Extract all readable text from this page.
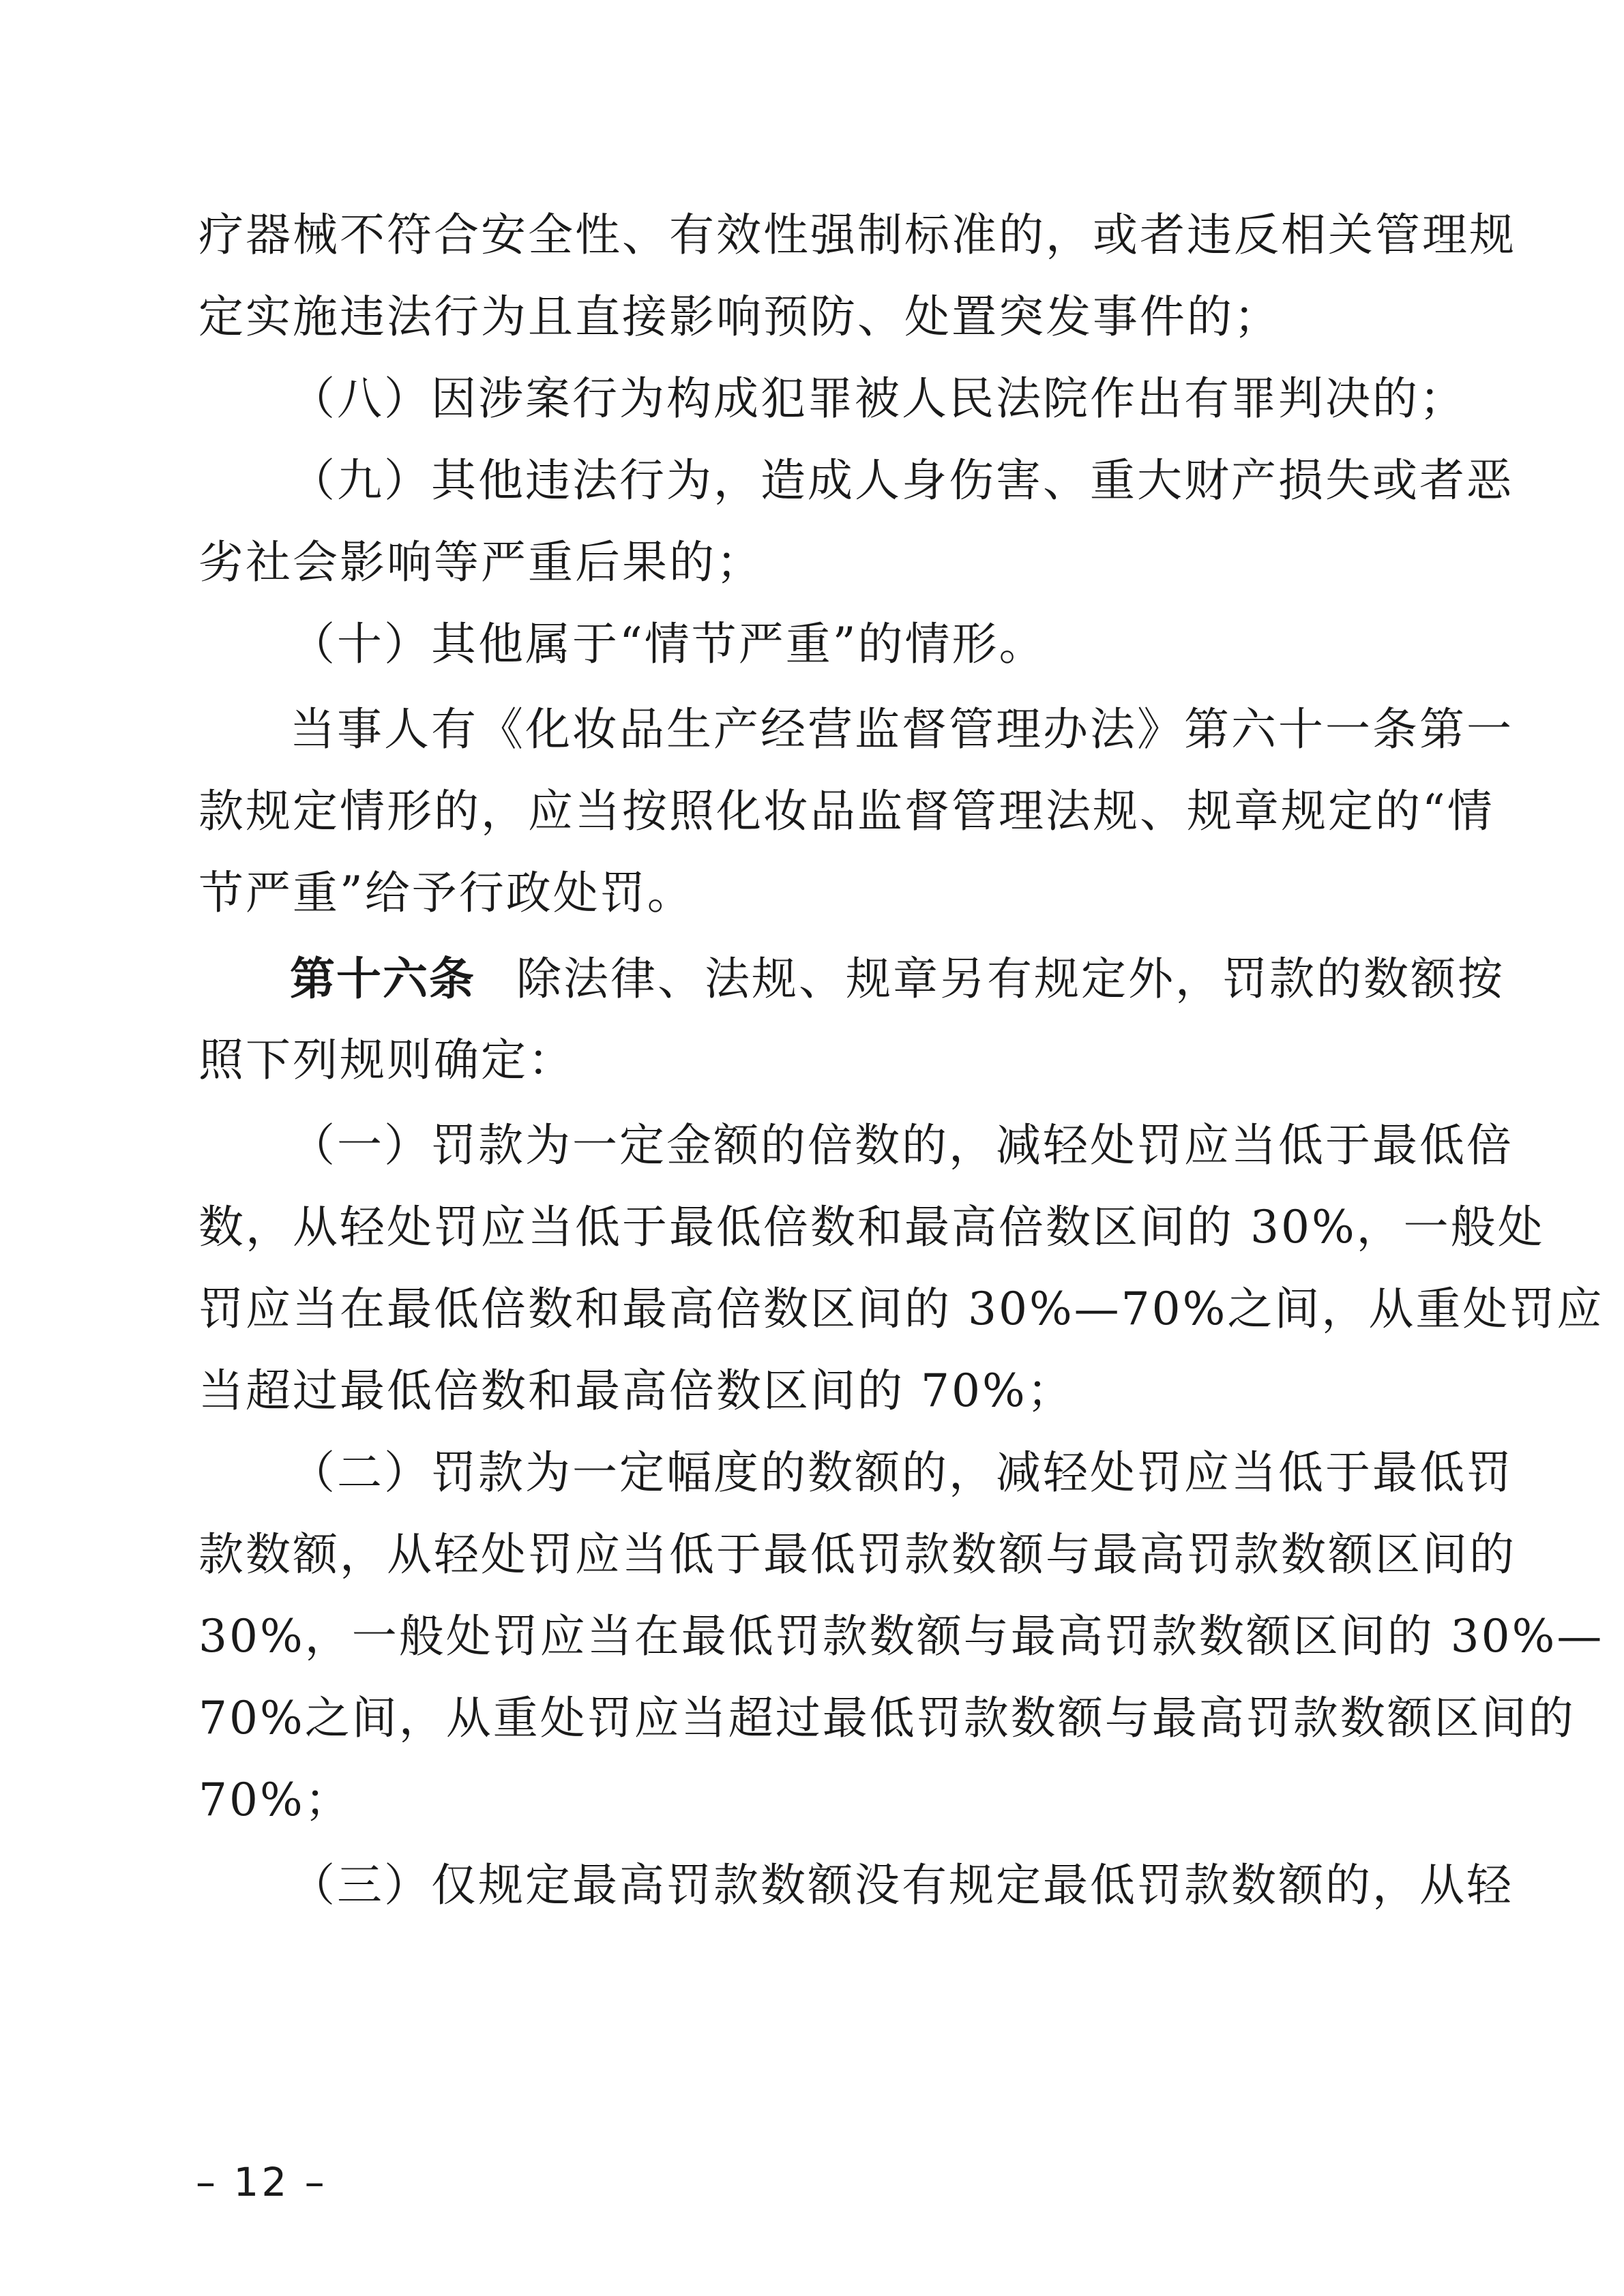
疗器械不符合安全性、有效性强制标准的，或者违反相关管理规
定实施违法行为且直接影响预防、处置突发事件的；
（八）因涉案行为构成犯罪被人民法院作出有罪判决的；
（九）其他违法行为，造成人身伤害、重大财产损失或者恶
劣社会影响等严重后果的；
（十）其他属于“情节严重”的情形。
当事人有《化妆品生产经营监督管理办法》第六十一条第一
款规定情形的，应当按照化妆品监督管理法规、规章规定的“情
节严重”给予行政处罚。
第十六条 除法律、法规、规章另有规定外，罚款的数额按
照下列规则确定：
（一）罚款为一定金额的倍数的，减轻处罚应当低于最低倍
数，从轻处罚应当低于最低倍数和最高倍数区间的 30%，一般处
罚应当在最低倍数和最高倍数区间的 30%—70%之间，从重处罚应
当超过最低倍数和最高倍数区间的 70%；
（二）罚款为一定幅度的数额的，减轻处罚应当低于最低罚
款数额，从轻处罚应当低于最低罚款数额与最高罚款数额区间的
30%，一般处罚应当在最低罚款数额与最高罚款数额区间的 30%—
70%之间，从重处罚应当超过最低罚款数额与最高罚款数额区间的
70%；
（三）仅规定最高罚款数额没有规定最低罚款数额的，从轻
– 12 –
